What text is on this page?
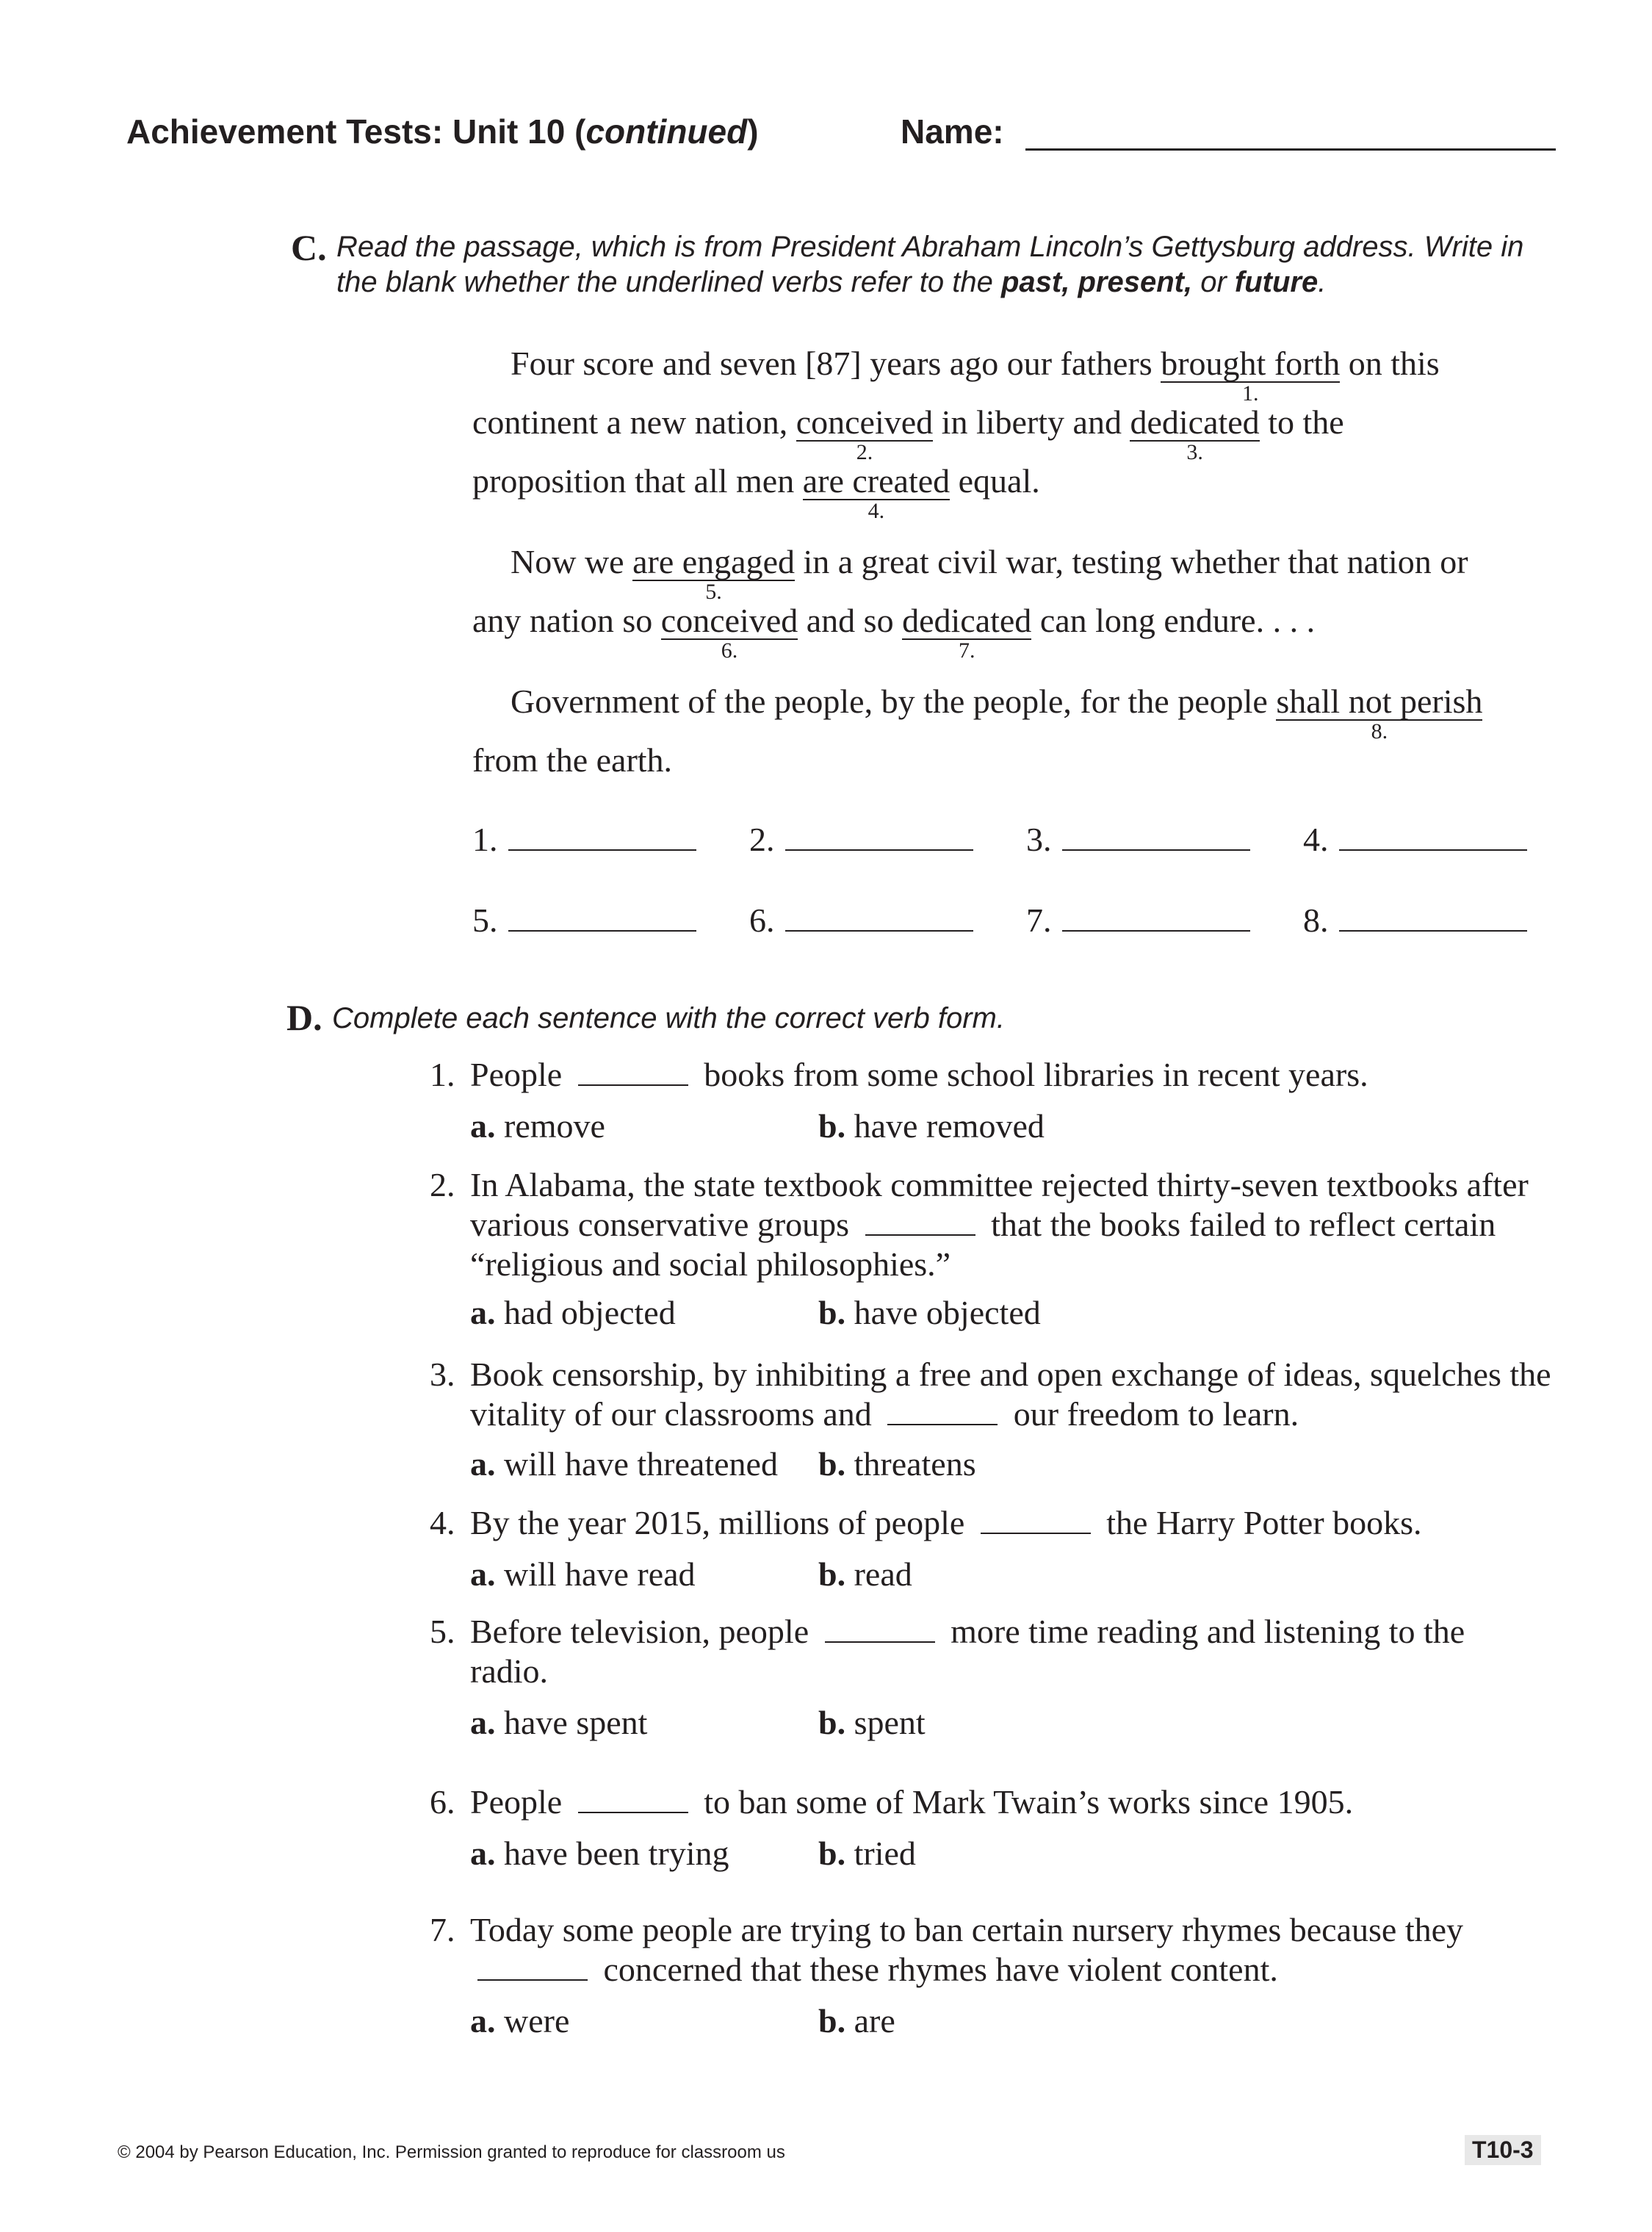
Achievement Tests: Unit 10 (continued)	Name:
C. Read the passage, which is from President Abraham Lincoln’s Gettysburg address. Write in the blank whether the underlined verbs refer to the past, present, or future.
Four score and seven [87] years ago our fathers brought forth
1.
on this
continent a new nation, conceived
2.
in liberty and dedicated
3.
to the
proposition that all men are created
4.
equal.
Now we are engaged
5.
in a great civil war, testing whether that nation or
any nation so conceived
6.
and so dedicated
7.
can long endure. . . .
Government of the people, by the people, for the people shall not perish
8.
from the earth.
1.	2.	3.	4.
5.	6.	7.	8.
D. Complete each sentence with the correct verb form.
1. People	books from some school libraries in recent years.
a. remove	b. have removed
2. In Alabama, the state textbook committee rejected thirty-seven textbooks after various conservative groups	that the books failed to reflect certain “religious and social philosophies.”
a. had objected	b. have objected
3. Book censorship, by inhibiting a free and open exchange of ideas, squelches the vitality of our classrooms and	our freedom to learn.
a. will have threatened b. threatens
4. By the year 2015, millions of people	the Harry Potter books.
a. will have read	b. read
5. Before television, people	more time reading and listening to the radio.
a. have spent	b. spent
6. People	to ban some of Mark Twain’s works since 1905.
a. have been trying	b. tried
7. Today some people are trying to ban certain nursery rhymes because they  concerned that these rhymes have violent content.
a. were	b. are
© 2004 by Pearson Education, Inc. Permission granted to reproduce for classroom us	T10-3
